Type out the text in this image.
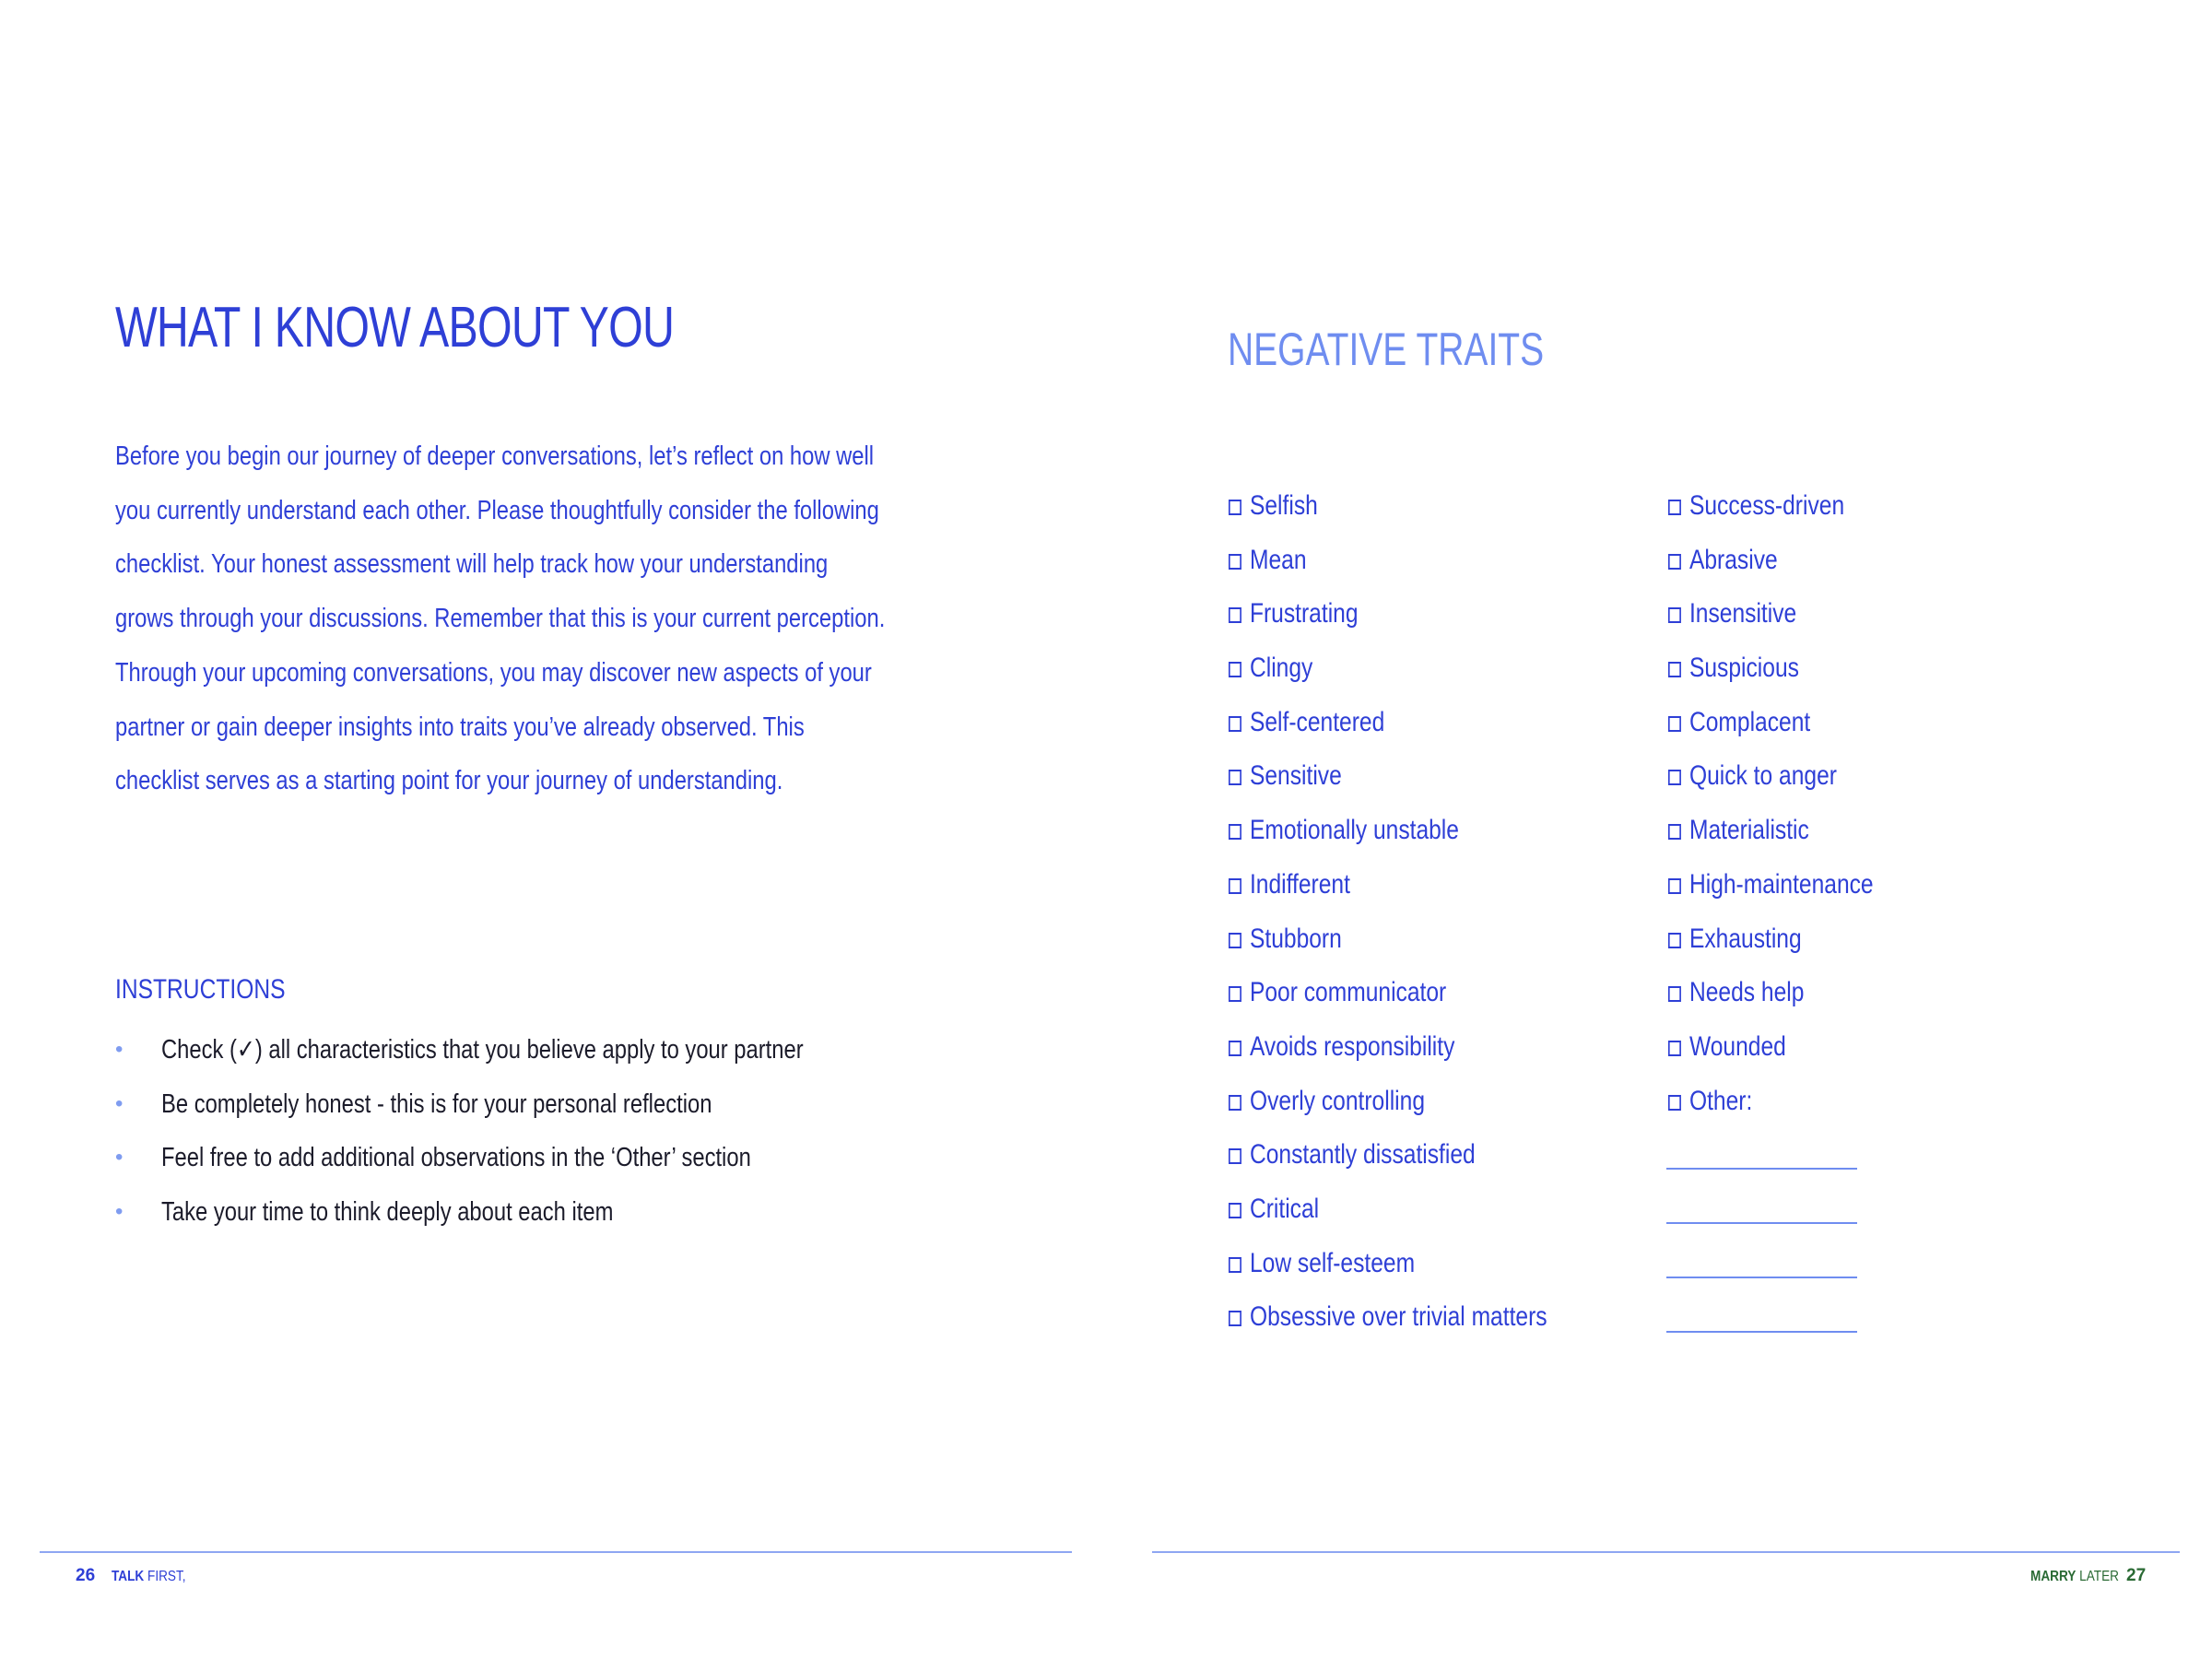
WHAT I KNOW ABOUT YOU

Before you begin our journey of deeper conversations, let’s reflect on how well you currently understand each other. Please thoughtfully consider the following checklist. Your honest assessment will help track how your understanding grows through your discussions. Remember that this is your current perception. Through your upcoming conversations, you may discover new aspects of your partner or gain deeper insights into traits you’ve already observed. This checklist serves as a starting point for your journey of understanding.

INSTRUCTIONS
• Check (✓) all characteristics that you believe apply to your partner
• Be completely honest - this is for your personal reflection
• Feel free to add additional observations in the ‘Other’ section
• Take your time to think deeply about each item
26 TALK FIRST,
NEGATIVE TRAITS
Selfish
Mean
Frustrating
Clingy
Self-centered
Sensitive
Emotionally unstable
Indifferent
Stubborn
Poor communicator
Avoids responsibility
Overly controlling
Constantly dissatisfied
Critical
Low self-esteem
Obsessive over trivial matters
Success-driven
Abrasive
Insensitive
Suspicious
Complacent
Quick to anger
Materialistic
High-maintenance
Exhausting
Needs help
Wounded
Other:
MARRY LATER 27
